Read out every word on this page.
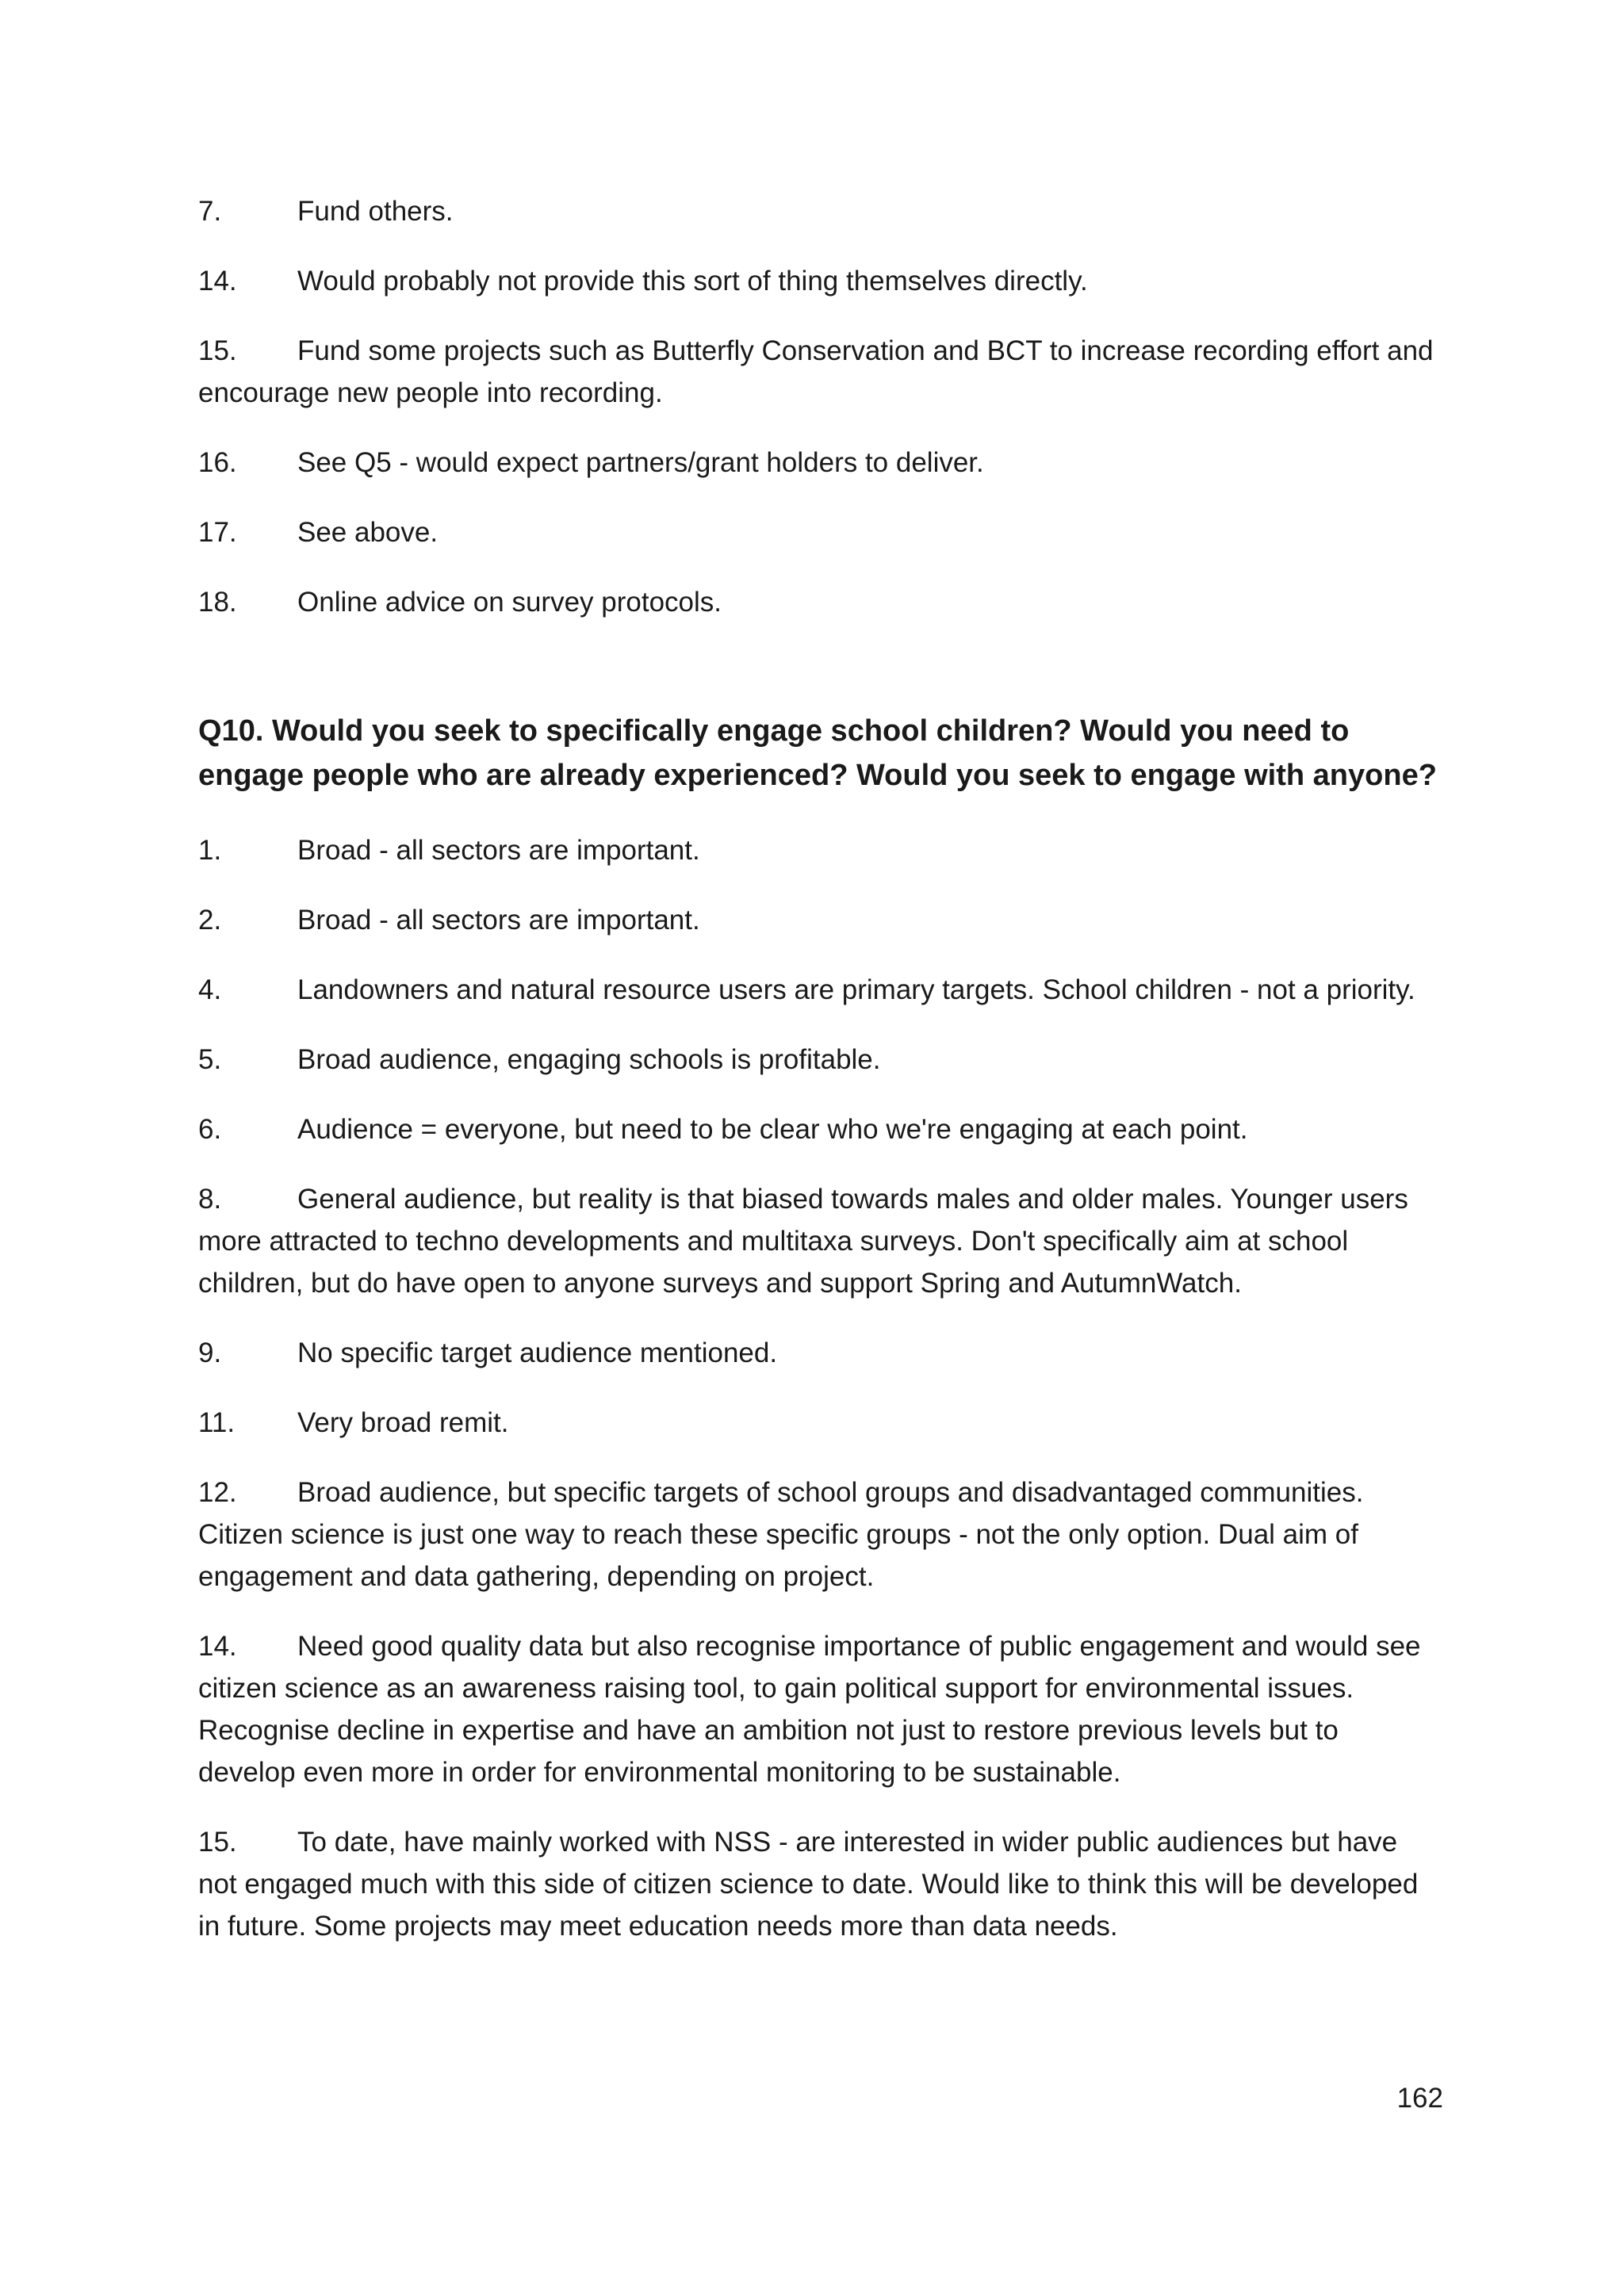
7.	Fund others.
14. Would probably not provide this sort of thing themselves directly.
15. Fund some projects such as Butterfly Conservation and BCT to increase recording effort and encourage new people into recording.
16. See Q5 - would expect partners/grant holders to deliver.
17. See above.
18. Online advice on survey protocols.
Q10. Would you seek to specifically engage school children? Would you need to engage people who are already experienced? Would you seek to engage with anyone?
1.	Broad - all sectors are important.
2.	Broad - all sectors are important.
4.	Landowners and natural resource users are primary targets. School children - not a priority.
5.	Broad audience, engaging schools is profitable.
6.	Audience = everyone, but need to be clear who we're engaging at each point.
8.	General audience, but reality is that biased towards males and older males. Younger users more attracted to techno developments and multitaxa surveys. Don't specifically aim at school children, but do have open to anyone surveys and support Spring and AutumnWatch.
9.	No specific target audience mentioned.
11. Very broad remit.
12. Broad audience, but specific targets of school groups and disadvantaged communities. Citizen science is just one way to reach these specific groups - not the only option. Dual aim of engagement and data gathering, depending on project.
14. Need good quality data but also recognise importance of public engagement and would see citizen science as an awareness raising tool, to gain political support for environmental issues. Recognise decline in expertise and have an ambition not just to restore previous levels but to develop even more in order for environmental monitoring to be sustainable.
15. To date, have mainly worked with NSS - are interested in wider public audiences but have not engaged much with this side of citizen science to date. Would like to think this will be developed in future. Some projects may meet education needs more than data needs.
162
